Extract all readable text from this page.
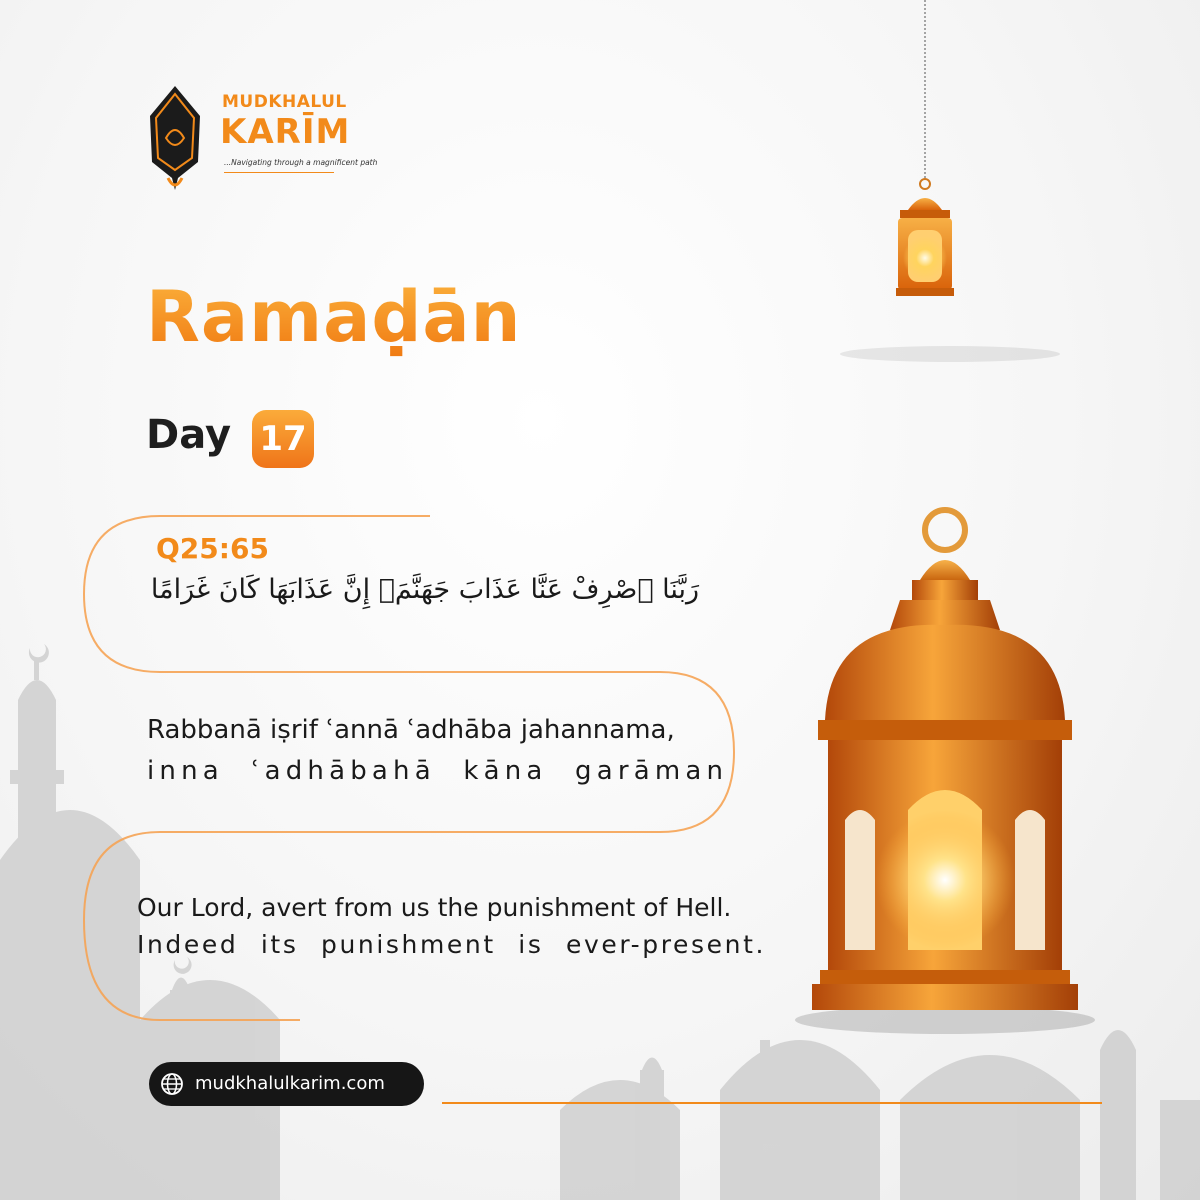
MUDKHALUL
KARĪM
...Navigating through a magnificent path
Ramaḍān
Day 17
Q25:65
رَبَّنَا ٱصْرِفْ عَنَّا عَذَابَ جَهَنَّمَۖ إِنَّ عَذَابَهَا كَانَ غَرَامًا
Rabbanā iṣrif ʿannā ʿadhāba jahannama,
inna ʿadhābahā kāna garāman
Our Lord, avert from us the punishment of Hell.
Indeed its punishment is ever-present.
mudkhalulkarim.com
